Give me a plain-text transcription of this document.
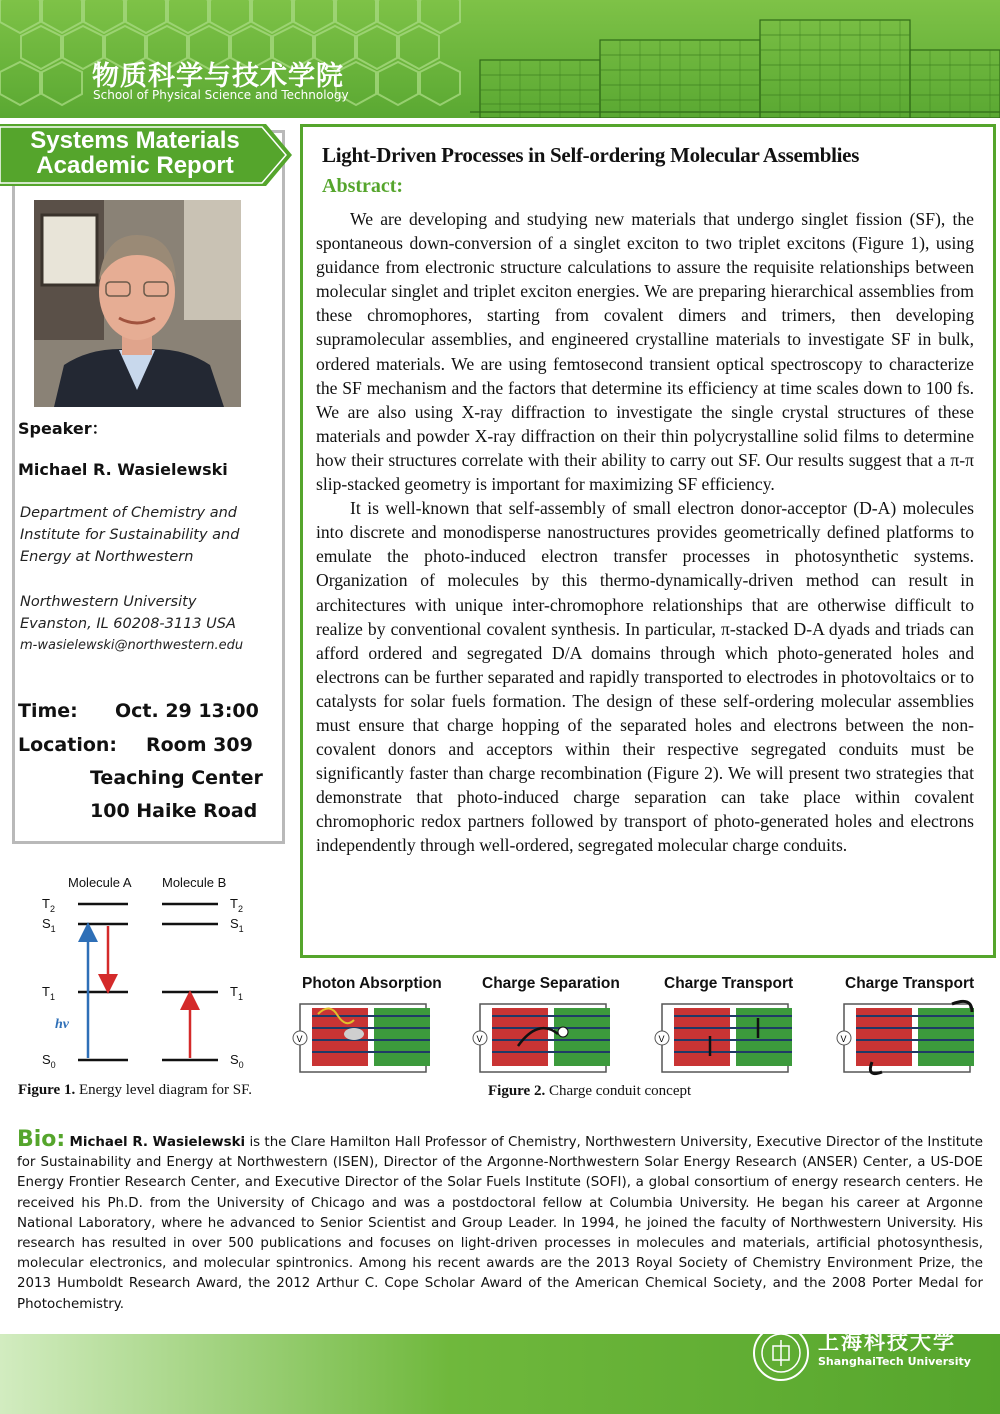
物质科学与技术学院
School of Physical Science and Technology
Systems Materials
Academic Report
Speaker：
Michael R. Wasielewski
Department of Chemistry and
Institute for Sustainability and
Energy at Northwestern
Northwestern University
Evanston, IL 60208-3113 USA
m-wasielewski@northwestern.edu
Time: Oct. 29 13:00
Location: Room 309
Teaching Center
100 Haike Road
Light-Driven Processes in Self-ordering Molecular Assemblies
Abstract:

We are developing and studying new materials that undergo singlet fission (SF), the spontaneous down-conversion of a singlet exciton to two triplet excitons (Figure 1), using guidance from electronic structure calculations to assure the requisite relationships between molecular singlet and triplet exciton energies. We are preparing hierarchical assemblies from these chromophores, starting from covalent dimers and trimers, then developing supramolecular assemblies, and engineered crystalline materials to investigate SF in bulk, ordered materials. We are using femtosecond transient optical spectroscopy to characterize the SF mechanism and the factors that determine its efficiency at time scales down to 100 fs. We are also using X-ray diffraction to investigate the single crystal structures of these materials and powder X-ray diffraction on their thin polycrystalline solid films to determine how their structures correlate with their ability to carry out SF. Our results suggest that a π-π slip-stacked geometry is important for maximizing SF efficiency.

It is well-known that self-assembly of small electron donor-acceptor (D-A) molecules into discrete and monodisperse nanostructures provides geometrically defined platforms to emulate the photo-induced electron transfer processes in photosynthetic systems. Organization of molecules by this thermo-dynamically-driven method can result in architectures with unique inter-chromophore relationships that are otherwise difficult to realize by conventional covalent synthesis. In particular, π-stacked D-A dyads and triads can afford ordered and segregated D/A domains through which photo-generated holes and electrons can be further separated and rapidly transported to electrodes in photovoltaics or to catalysts for solar fuels formation. The design of these self-ordering molecular assemblies must ensure that charge hopping of the separated holes and electrons between the non-covalent donors and acceptors within their respective segregated conduits must be significantly faster than charge recombination (Figure 2). We will present two strategies that demonstrate that photo-induced charge separation can take place within covalent chromophoric redox partners followed by transport of photo-generated holes and electrons independently through well-ordered, segregated molecular charge conduits.

Molecule A Molecule B
$T_2$
$S_1$
$T_1$
$S_0$
$T_2$
$S_1$
$T_1$
$S_0$
hν
Figure 1. Energy level diagram for SF.
Photon Absorption	Charge Separation	Charge Transport	Charge Transport
V	V	V	V
Figure 2. Charge conduit concept
Bio: Michael R. Wasielewski is the Clare Hamilton Hall Professor of Chemistry, Northwestern University, Executive Director of the Institute for Sustainability and Energy at Northwestern (ISEN), Director of the Argonne-Northwestern Solar Energy Research (ANSER) Center, a US-DOE Energy Frontier Research Center, and Executive Director of the Solar Fuels Institute (SOFI), a global consortium of energy research centers. He received his Ph.D. from the University of Chicago and was a postdoctoral fellow at Columbia University. He began his career at Argonne National Laboratory, where he advanced to Senior Scientist and Group Leader. In 1994, he joined the faculty of Northwestern University. His research has resulted in over 500 publications and focuses on light-driven processes in molecules and materials, artificial photosynthesis, molecular electronics, and molecular spintronics. Among his recent awards are the 2013 Royal Society of Chemistry Environment Prize, the 2013 Humboldt Research Award, the 2012 Arthur C. Cope Scholar Award of the American Chemical Society, and the 2008 Porter Medal for Photochemistry.
上海科技大学
ShanghaiTech University
